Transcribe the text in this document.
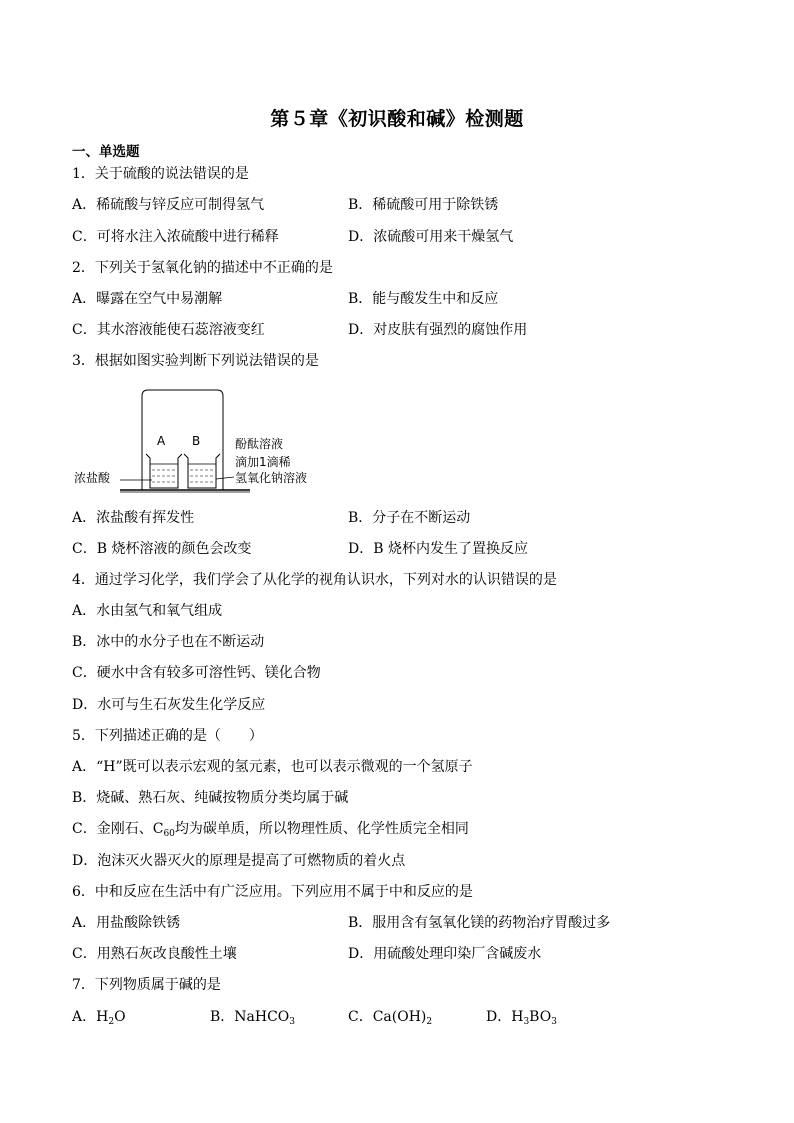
第５章《初识酸和碱》检测题
一、单选题
1．关于硫酸的说法错误的是
A．稀硫酸与锌反应可制得氢气	B．稀硫酸可用于除铁锈
C．可将水注入浓硫酸中进行稀释	D．浓硫酸可用来干燥氢气
2．下列关于氢氧化钠的描述中不正确的是
A．曝露在空气中易潮解	B．能与酸发生中和反应
C．其水溶液能使石蕊溶液变红	D．对皮肤有强烈的腐蚀作用
3．根据如图实验判断下列说法错误的是
A B
浓盐酸
酚酞溶液
滴加1滴稀
氢氧化钠溶液
A．浓盐酸有挥发性	B．分子在不断运动
C．B 烧杯溶液的颜色会改变	D．B 烧杯内发生了置换反应
4．通过学习化学，我们学会了从化学的视角认识水，下列对水的认识错误的是
A．水由氢气和氧气组成
B．冰中的水分子也在不断运动
C．硬水中含有较多可溶性钙、镁化合物
D．水可与生石灰发生化学反应
5．下列描述正确的是（　　）
A．“H”既可以表示宏观的氢元素，也可以表示微观的一个氢原子
B．烧碱、熟石灰、纯碱按物质分类均属于碱
C．金刚石、$C_{60}$均为碳单质，所以物理性质、化学性质完全相同
D．泡沫灭火器灭火的原理是提高了可燃物质的着火点
6．中和反应在生活中有广泛应用。下列应用不属于中和反应的是
A．用盐酸除铁锈	B．服用含有氢氧化镁的药物治疗胃酸过多
C．用熟石灰改良酸性土壤	D．用硫酸处理印染厂含碱废水
7．下列物质属于碱的是
A．$H_2O$	B．NaHCO$_3$	C．$Ca(OH)_2$	D．$H_3BO_3$
